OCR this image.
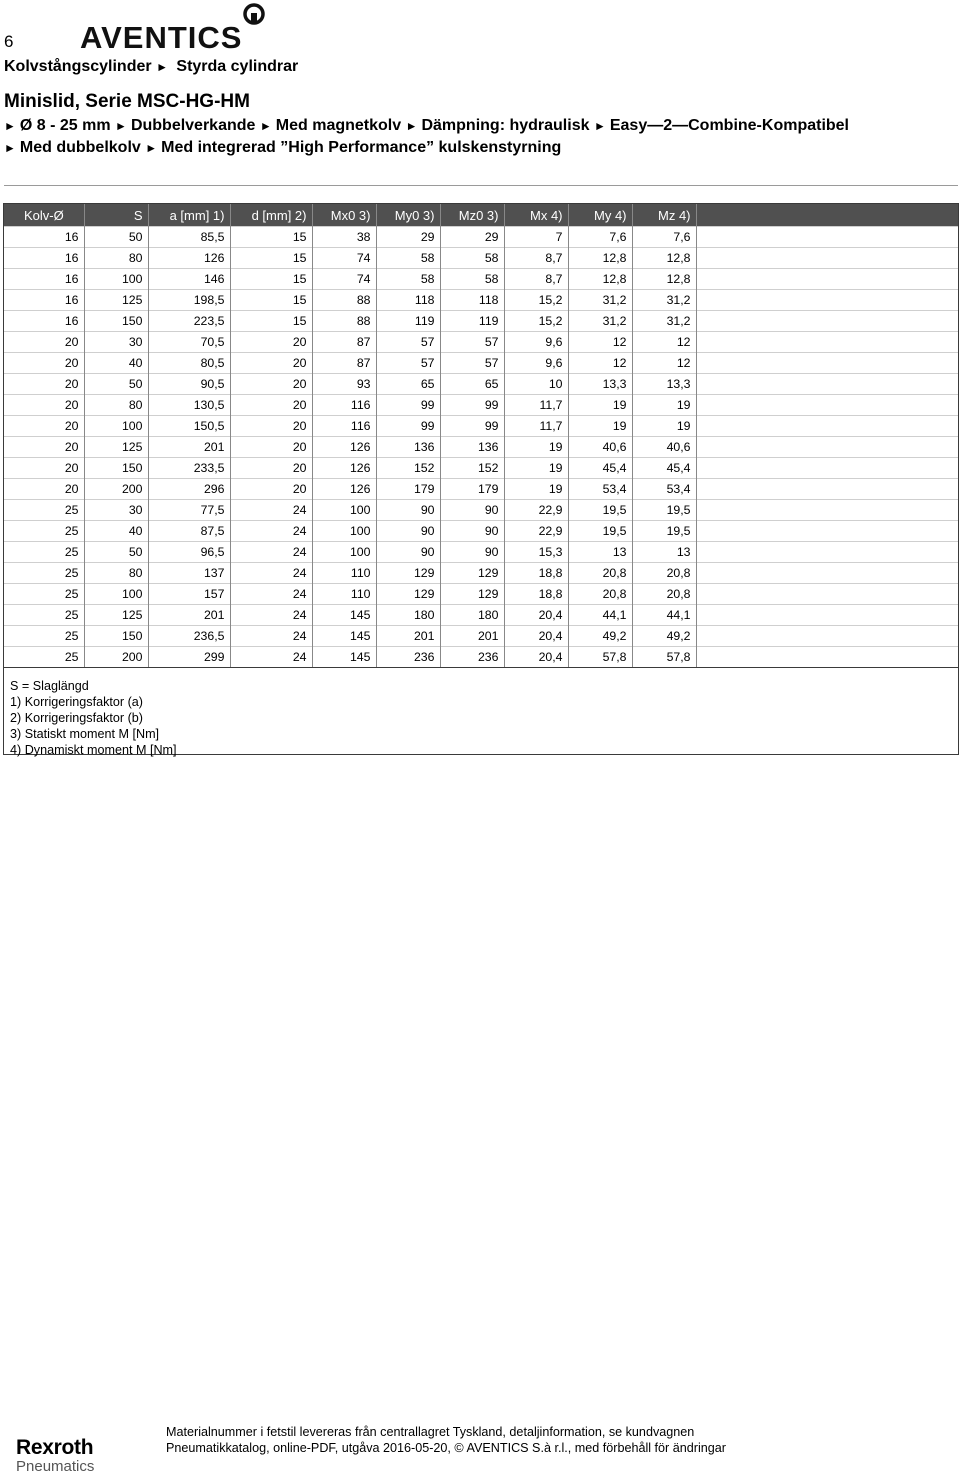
6 AVENTICS
Kolvstångscylinder ► Styrda cylindrar
Minislid, Serie MSC-HG-HM
► Ø 8 - 25 mm ► Dubbelverkande ► Med magnetkolv ► Dämpning: hydraulisk ► Easy—2—Combine-Kompatibel
► Med dubbelkolv ► Med integrerad ”High Performance” kulskenstyrning
Kolv-Ø	S	a [mm] 1)	d [mm] 2)	Mx0 3)	My0 3)	Mz0 3)	Mx 4)	My 4)	Mz 4)	
16	50	85,5	15	38	29	29	7	7,6	7,6	
16	80	126	15	74	58	58	8,7	12,8	12,8	
16	100	146	15	74	58	58	8,7	12,8	12,8	
16	125	198,5	15	88	118	118	15,2	31,2	31,2	
16	150	223,5	15	88	119	119	15,2	31,2	31,2	
20	30	70,5	20	87	57	57	9,6	12	12	
20	40	80,5	20	87	57	57	9,6	12	12	
20	50	90,5	20	93	65	65	10	13,3	13,3	
20	80	130,5	20	116	99	99	11,7	19	19	
20	100	150,5	20	116	99	99	11,7	19	19	
20	125	201	20	126	136	136	19	40,6	40,6	
20	150	233,5	20	126	152	152	19	45,4	45,4	
20	200	296	20	126	179	179	19	53,4	53,4	
25	30	77,5	24	100	90	90	22,9	19,5	19,5	
25	40	87,5	24	100	90	90	22,9	19,5	19,5	
25	50	96,5	24	100	90	90	15,3	13	13	
25	80	137	24	110	129	129	18,8	20,8	20,8	
25	100	157	24	110	129	129	18,8	20,8	20,8	
25	125	201	24	145	180	180	20,4	44,1	44,1	
25	150	236,5	24	145	201	201	20,4	49,2	49,2	
25	200	299	24	145	236	236	20,4	57,8	57,8	
S = Slaglängd
1) Korrigeringsfaktor (a)
2) Korrigeringsfaktor (b)
3) Statiskt moment M [Nm]
4) Dynamiskt moment M [Nm]
Materialnummer i fetstil levereras från centrallagret Tyskland, detaljinformation, se kundvagnen
Pneumatikkatalog, online-PDF, utgåva 2016-05-20, © AVENTICS S.à r.l., med förbehåll för ändringar
Rexroth
Pneumatics
